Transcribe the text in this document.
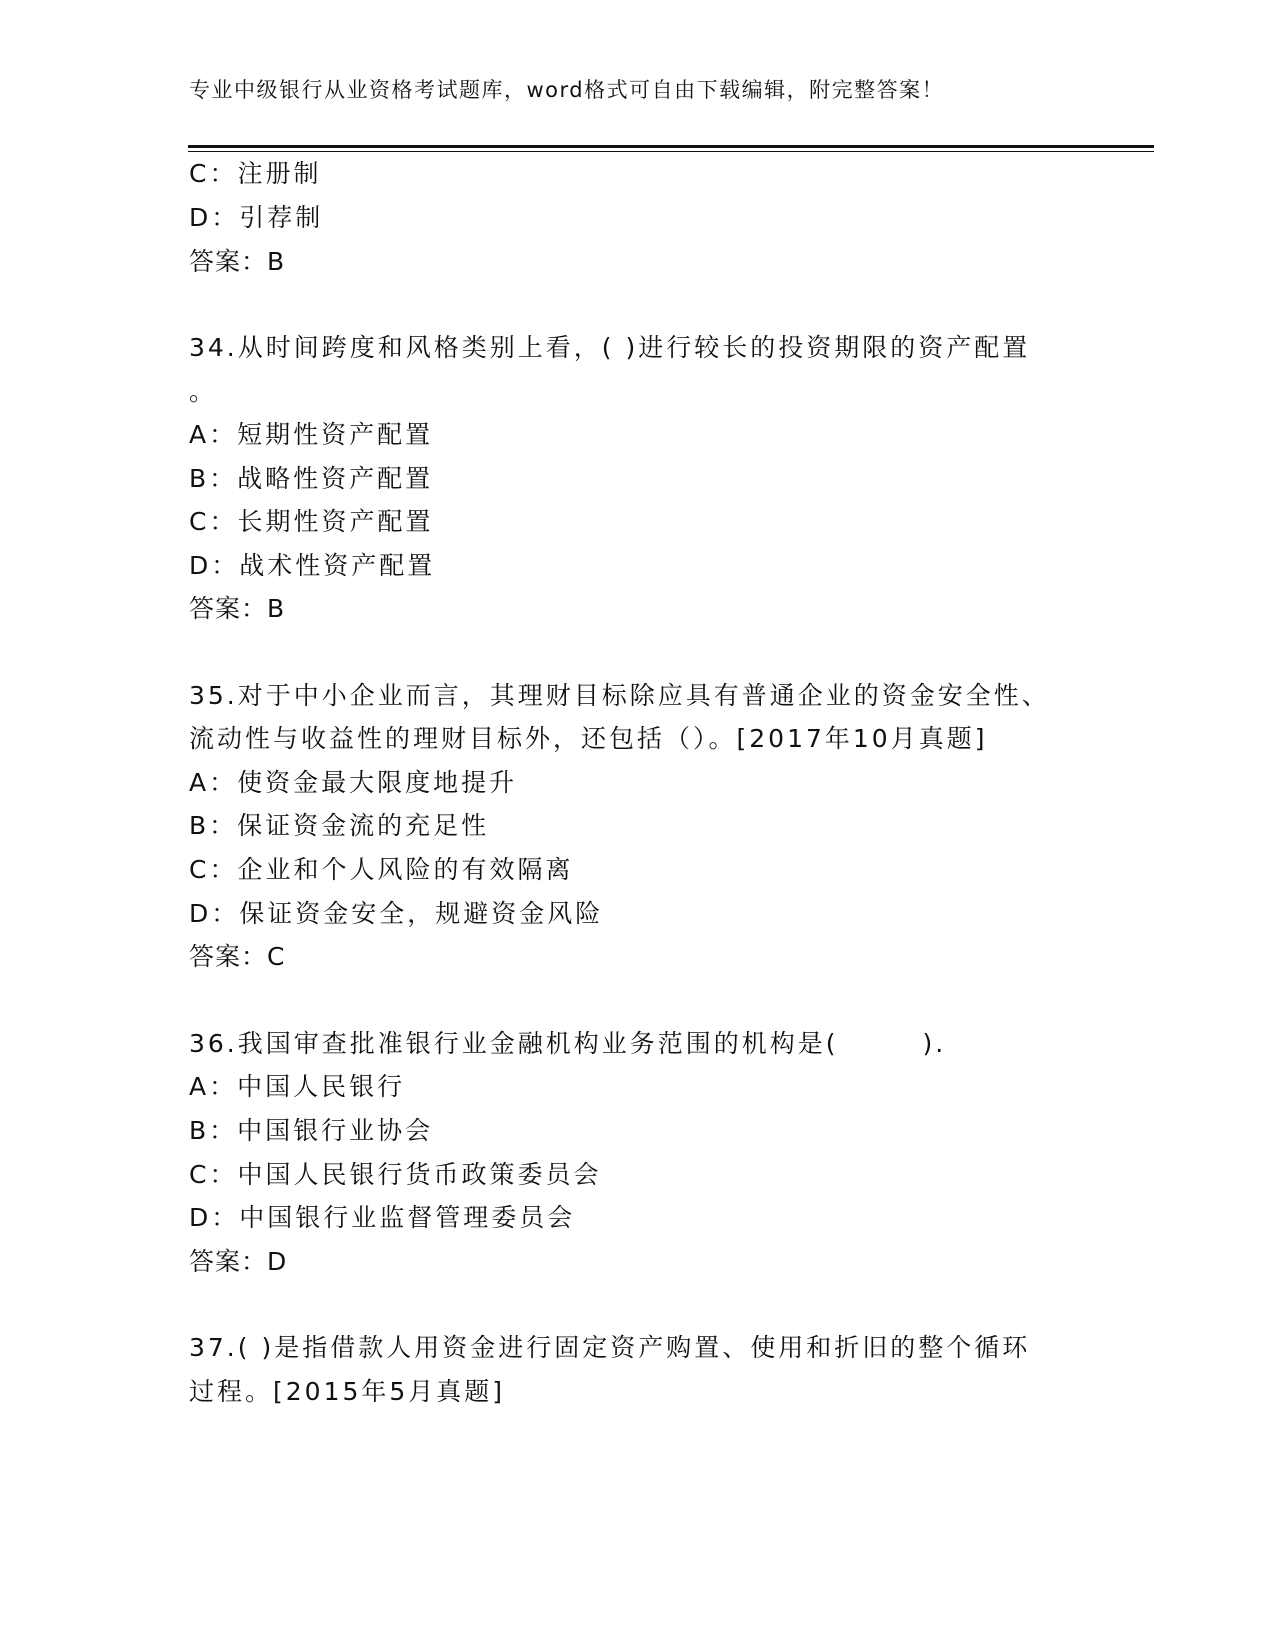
专业中级银行从业资格考试题库，word格式可自由下载编辑，附完整答案！
C：注册制
D：引荐制
答案：B
34.从时间跨度和风格类别上看，( )进行较长的投资期限的资产配置
。
A：短期性资产配置
B：战略性资产配置
C：长期性资产配置
D：战术性资产配置
答案：B
35.对于中小企业而言，其理财目标除应具有普通企业的资金安全性、
流动性与收益性的理财目标外，还包括（）。[2017年10月真题]
A：使资金最大限度地提升
B：保证资金流的充足性
C：企业和个人风险的有效隔离
D：保证资金安全，规避资金风险
答案：C
36.我国审查批准银行业金融机构业务范围的机构是(　　　).
A：中国人民银行
B：中国银行业协会
C：中国人民银行货币政策委员会
D：中国银行业监督管理委员会
答案：D
37.( )是指借款人用资金进行固定资产购置、使用和折旧的整个循环
过程。[2015年5月真题]
